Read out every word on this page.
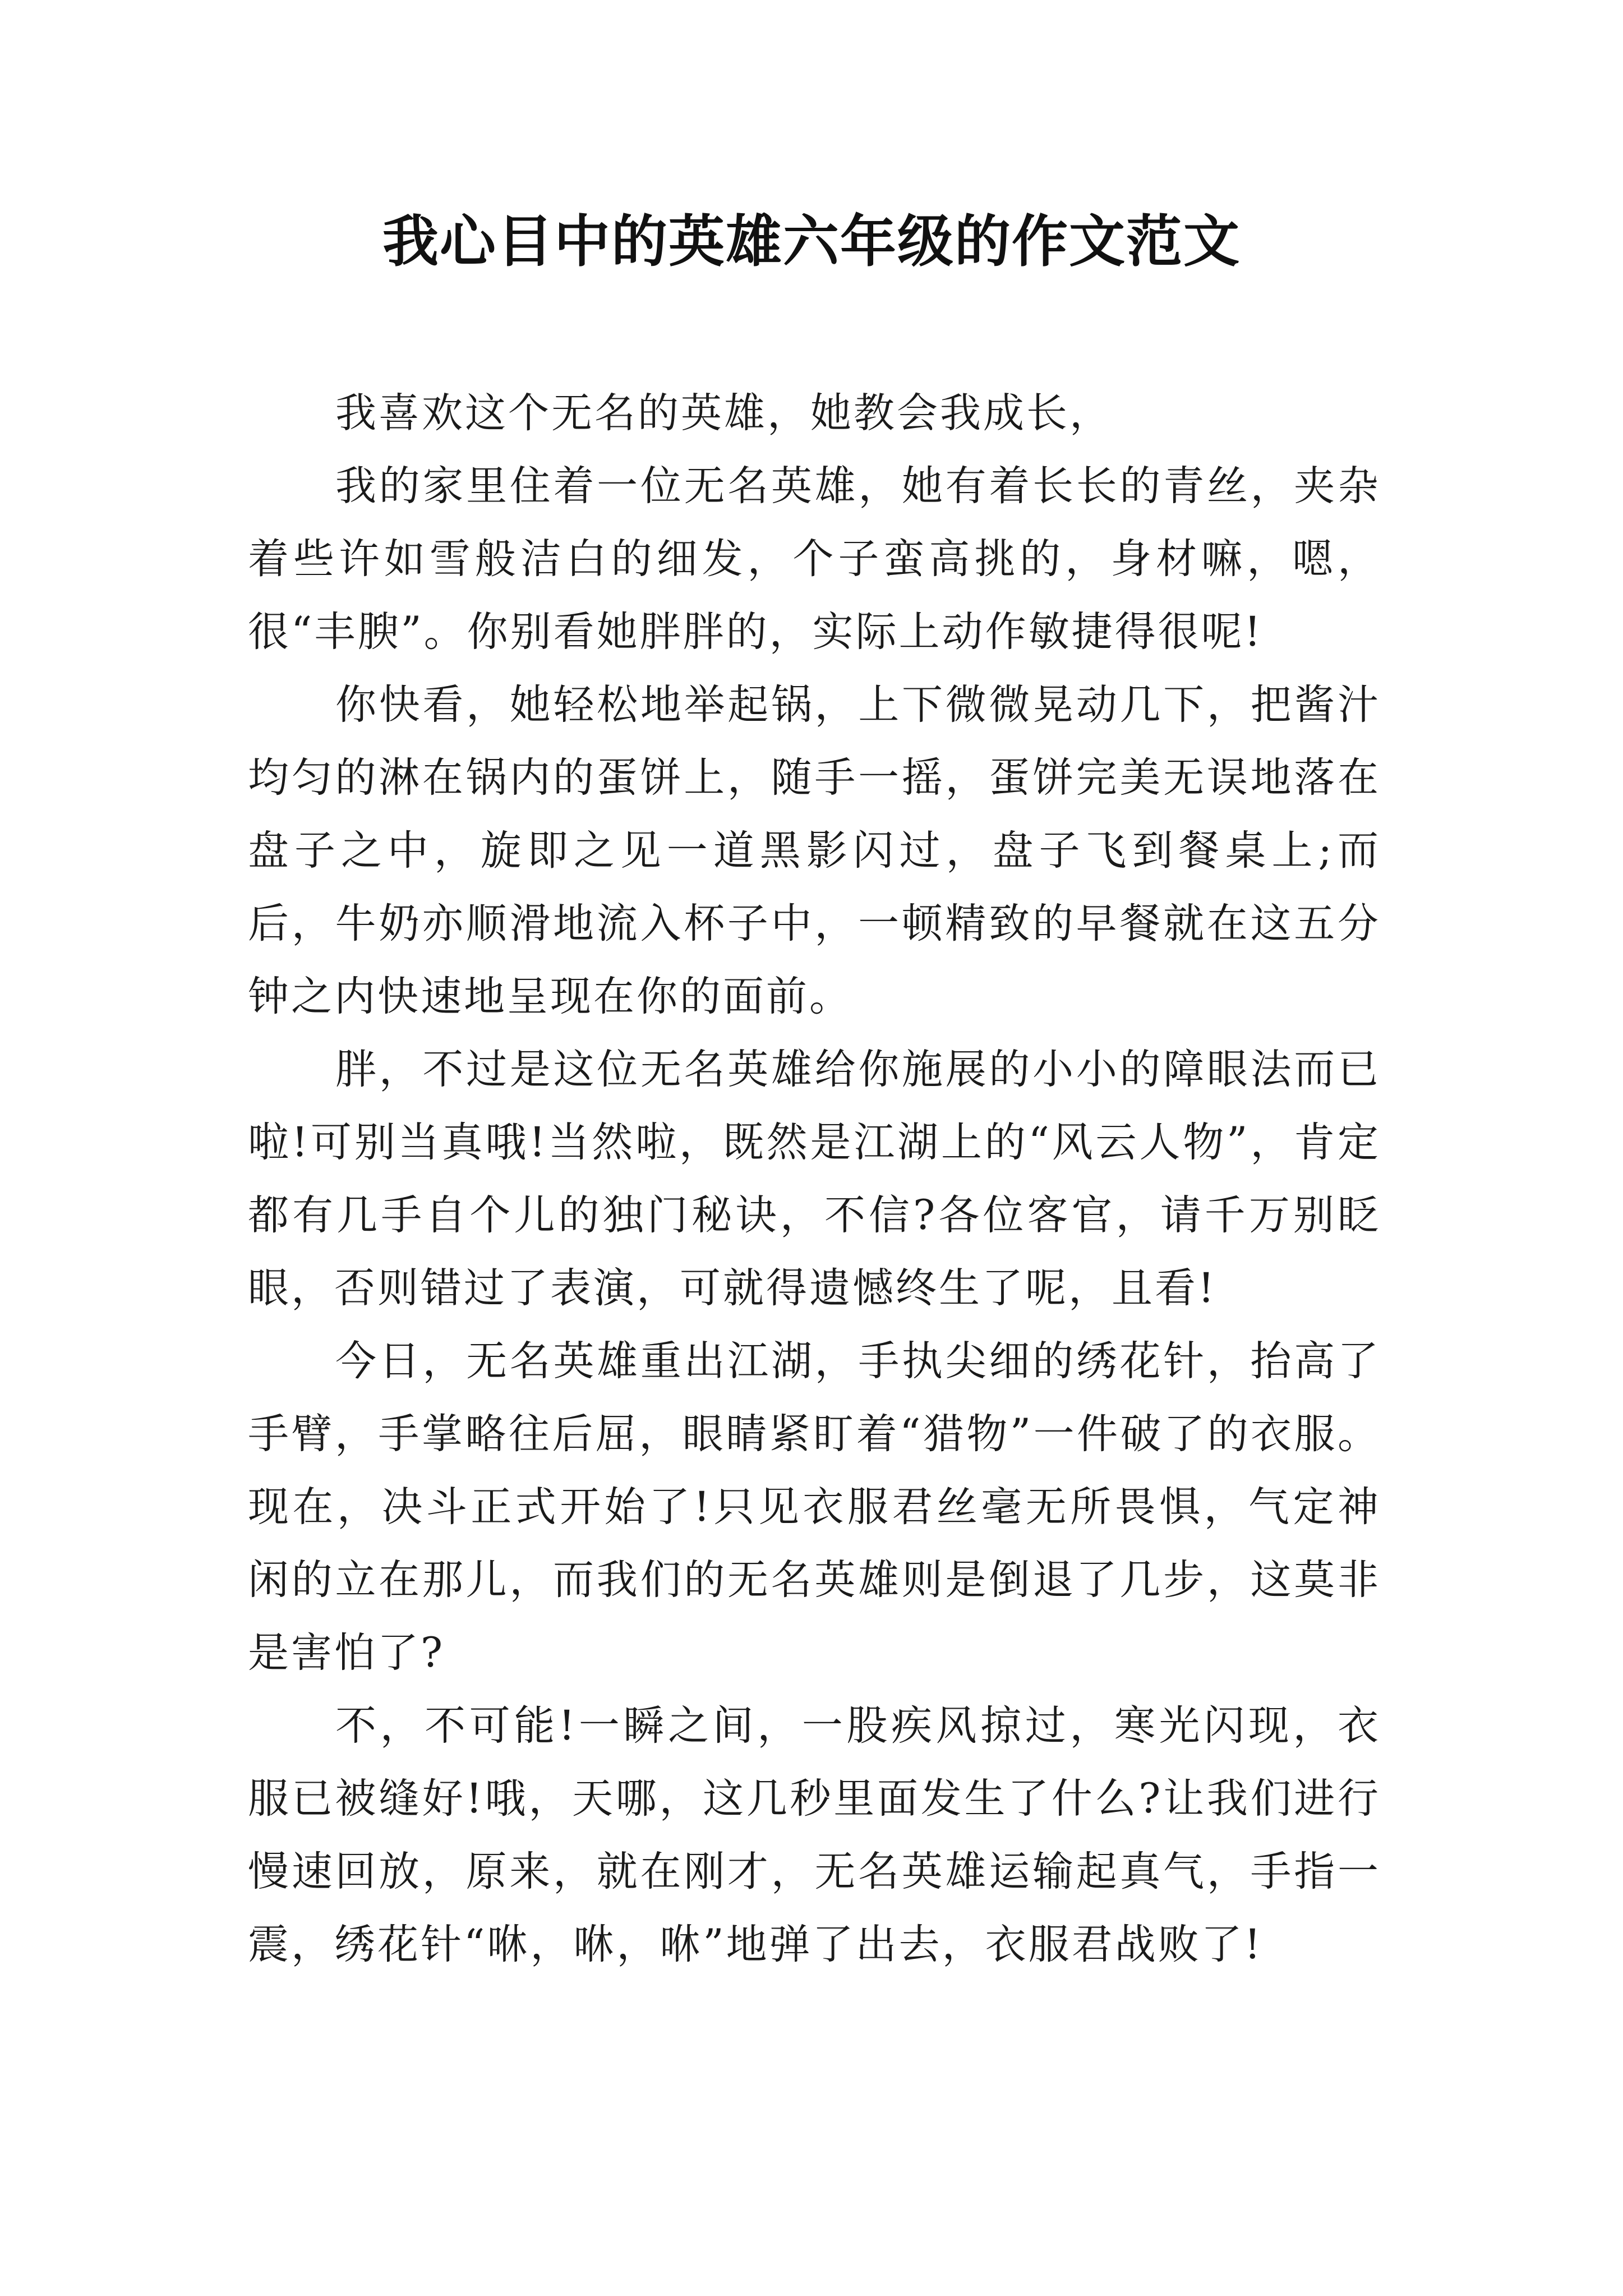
我心目中的英雄六年级的作文范文

我喜欢这个无名的英雄，她教会我成长，

我的家里住着一位无名英雄，她有着长长的青丝，夹杂着些许如雪般洁白的细发，个子蛮高挑的，身材嘛，嗯，很“丰腴”。你别看她胖胖的，实际上动作敏捷得很呢!

你快看，她轻松地举起锅，上下微微晃动几下，把酱汁均匀的淋在锅内的蛋饼上，随手一摇，蛋饼完美无误地落在盘子之中，旋即之见一道黑影闪过，盘子飞到餐桌上;而后，牛奶亦顺滑地流入杯子中，一顿精致的早餐就在这五分钟之内快速地呈现在你的面前。

胖，不过是这位无名英雄给你施展的小小的障眼法而已啦!可别当真哦!当然啦，既然是江湖上的“风云人物”，肯定都有几手自个儿的独门秘诀，不信?各位客官，请千万别眨眼，否则错过了表演，可就得遗憾终生了呢，且看!

今日，无名英雄重出江湖，手执尖细的绣花针，抬高了手臂，手掌略往后屈，眼睛紧盯着“猎物”一件破了的衣服。现在，决斗正式开始了!只见衣服君丝毫无所畏惧，气定神闲的立在那儿，而我们的无名英雄则是倒退了几步，这莫非是害怕了?

不，不可能!一瞬之间，一股疾风掠过，寒光闪现，衣服已被缝好!哦，天哪，这几秒里面发生了什么?让我们进行慢速回放，原来，就在刚才，无名英雄运输起真气，手指一震，绣花针“咻，咻，咻”地弹了出去，衣服君战败了!
